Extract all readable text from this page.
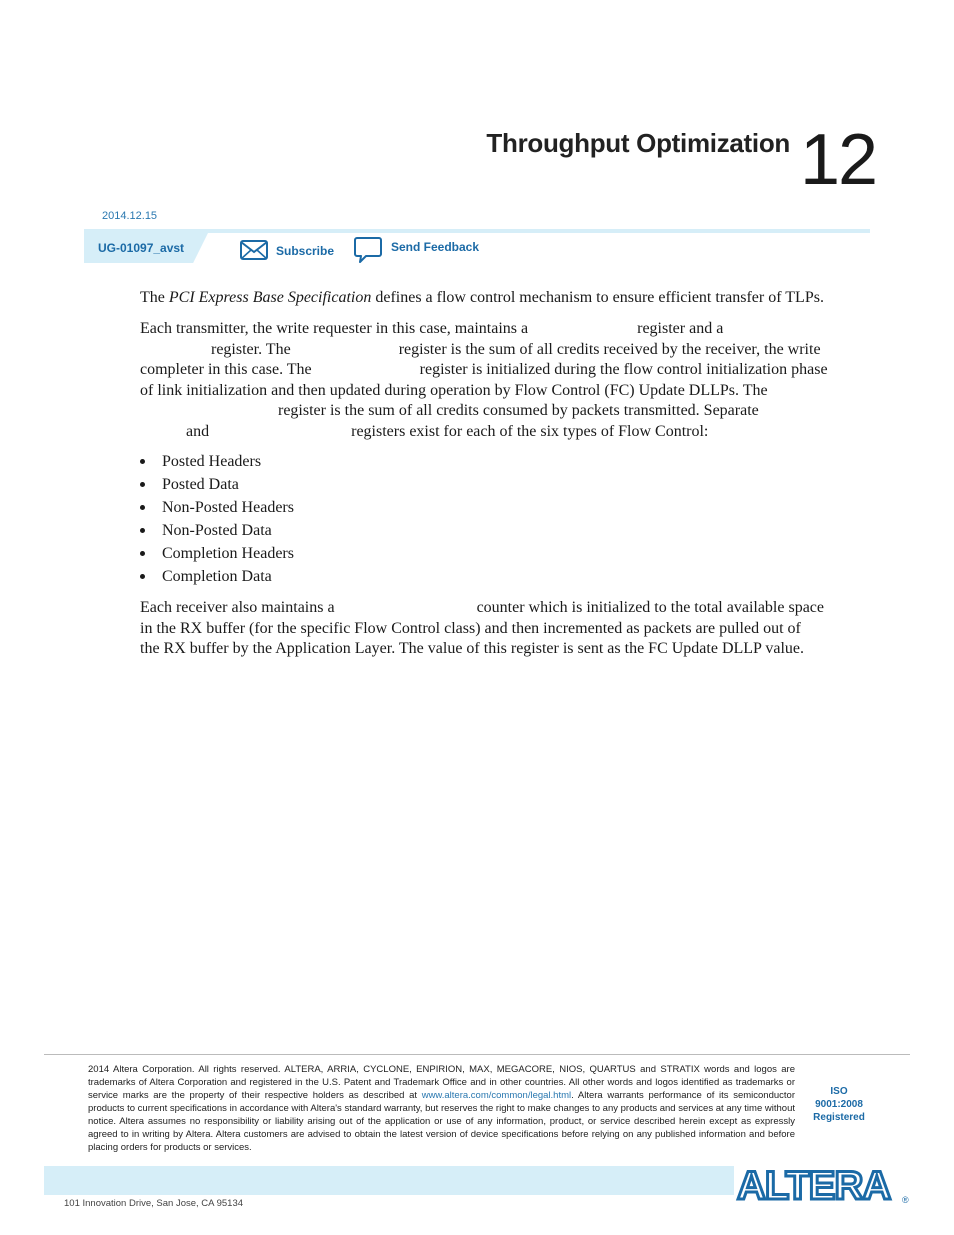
Throughput Optimization 12
2014.12.15
UG-01097_avst	Subscribe	Send Feedback
The PCI Express Base Specification defines a flow control mechanism to ensure efficient transfer of TLPs.
Each transmitter, the write requester in this case, maintains a	register and a
register. The	register is the sum of all credits received by the receiver, the write
completer in this case. The	register is initialized during the flow control initialization phase
of link initialization and then updated during operation by Flow Control (FC) Update DLLPs. The
register is the sum of all credits consumed by packets transmitted. Separate
and	registers exist for each of the six types of Flow Control:
Posted Headers
Posted Data
Non-Posted Headers
Non-Posted Data
Completion Headers
Completion Data
Each receiver also maintains a	counter which is initialized to the total available space
in the RX buffer (for the specific Flow Control class) and then incremented as packets are pulled out of
the RX buffer by the Application Layer. The value of this register is sent as the FC Update DLLP value.
2014 Altera Corporation. All rights reserved. ALTERA, ARRIA, CYCLONE, ENPIRION, MAX, MEGACORE, NIOS, QUARTUS and STRATIX words and logos are trademarks of Altera Corporation and registered in the U.S. Patent and Trademark Office and in other countries. All other words and logos identified as trademarks or service marks are the property of their respective holders as described at www.altera.com/common/legal.html. Altera warrants performance of its semiconductor products to current specifications in accordance with Altera's standard warranty, but reserves the right to make changes to any products and services at any time without notice. Altera assumes no responsibility or liability arising out of the application or use of any information, product, or service described herein except as expressly agreed to in writing by Altera. Altera customers are advised to obtain the latest version of device specifications before relying on any published information and before placing orders for products or services.
ISO
9001:2008
Registered
ALTERA ®
101 Innovation Drive, San Jose, CA 95134
